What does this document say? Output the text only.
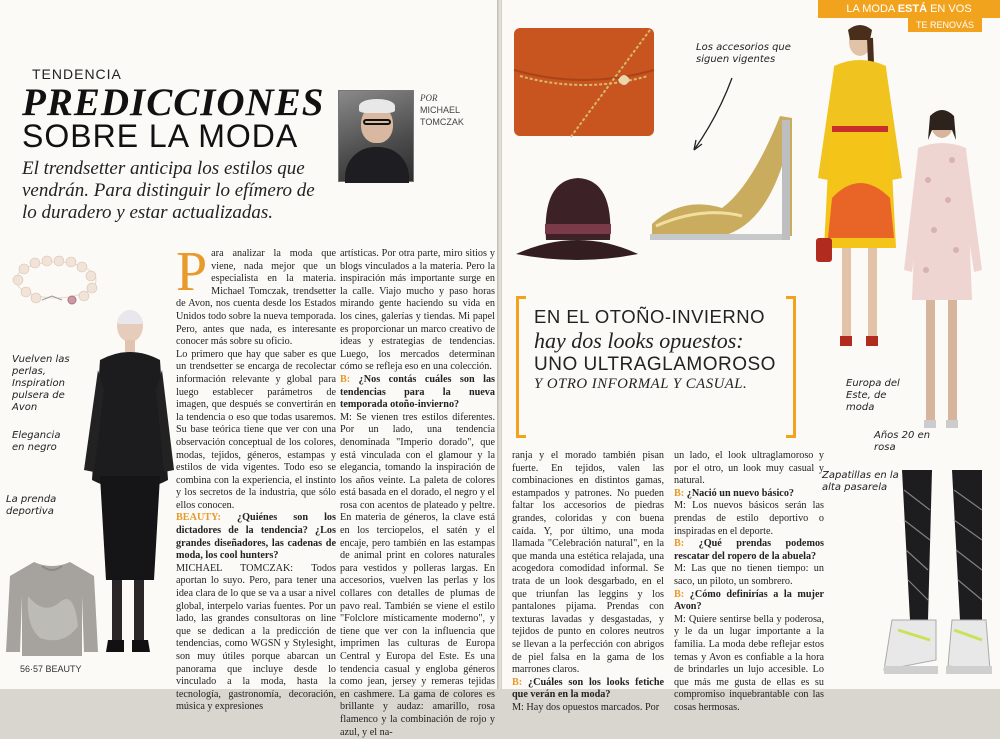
TENDENCIA
PREDICCIONES
SOBRE LA MODA
El trendsetter anticipa los estilos que vendrán. Para distinguir lo efímero de lo duradero y estar actualizadas.
POR
MICHAEL
TOMCZAK
Vuelven las perlas, Inspiration pulsera de Avon
Elegancia en negro
La prenda deportiva
56·57 BEAUTY

Para analizar la moda que viene, nada mejor que un especialista en la materia. Michael Tomczak, trendsetter de Avon, nos cuenta desde los Estados Unidos todo sobre la nueva temporada. Pero, antes que nada, es interesante conocer más sobre su oficio.

Lo primero que hay que saber es que un trendsetter se encarga de recolectar información relevante y global para luego establecer parámetros de imagen, que después se convertirán en la tendencia o eso que todas usaremos. Su base teórica tiene que ver con una observación conceptual de los colores, modas, tejidos, géneros, estampas y estilos de vida vigentes. Todo eso se combina con la experiencia, el instinto y los secretos de la industria, que sólo ellos conocen.

BEAUTY: ¿Quiénes son los dictadores de la tendencia? ¿Los grandes diseñadores, las cadenas de moda, los cool hunters?

MICHAEL TOMCZAK: Todos aportan lo suyo. Pero, para tener una idea clara de lo que se va a usar a nivel global, interpelo varias fuentes. Por un lado, las grandes consultoras on line que se dedican a la predicción de tendencias, como WGSN y Stylesight, son muy útiles porque abarcan un panorama que incluye desde lo vinculado a la moda, hasta la tecnología, gastronomía, decoración, música y expresiones

artísticas. Por otra parte, miro sitios y blogs vinculados a la materia. Pero la inspiración más importante surge en la calle. Viajo mucho y paso horas mirando gente haciendo su vida en los cines, galerías y tiendas. Mi papel es proporcionar un marco creativo de ideas y estrategias de tendencias. Luego, los mercados determinan cómo se refleja eso en una colección.

B: ¿Nos contás cuáles son las tendencias para la nueva temporada otoño-invierno?

M: Se vienen tres estilos diferentes. Por un lado, una tendencia denominada "Imperio dorado", que está vinculada con el glamour y la elegancia, tomando la inspiración de los años veinte. La paleta de colores está basada en el dorado, el negro y el rosa con acentos de plateado y peltre. En materia de géneros, la clave está en los terciopelos, el satén y el encaje, pero también en las estampas de animal print en colores naturales para vestidos y polleras largas. En accesorios, vuelven las perlas y los collares con detalles de plumas de pavo real. También se viene el estilo "Folclore místicamente moderno", y tiene que ver con la influencia que imprimen las culturas de Europa Central y Europa del Este. Es una tendencia casual y engloba géneros como jean, jersey y remeras tejidas en cashmere. La gama de colores es brillante y audaz: amarillo, rosa flamenco y la combinación de rojo y azul, y el na-

LA MODA ESTÁ EN VOS
TE RENOVÁS
Los accesorios que siguen vigentes
Europa del Este, de moda
Años 20 en rosa
Zapatillas en la alta pasarela
EN EL OTOÑO-INVIERNO
hay dos looks opuestos:
UNO ULTRAGLAMOROSO
Y OTRO INFORMAL Y CASUAL.

ranja y el morado también pisan fuerte. En tejidos, valen las combinaciones en distintos gamas, estampados y patrones. No pueden faltar los accesorios de piedras grandes, coloridas y con buena caída. Y, por último, una moda llamada "Celebración natural", en la que manda una estética relajada, una acogedora comodidad informal. Se trata de un look desgarbado, en el que triunfan las leggins y los pantalones pijama. Prendas con texturas lavadas y desgastadas, y tejidos de punto en colores neutros se llevan a la perfección con abrigos de piel falsa en la gama de los marrones claros.

B: ¿Cuáles son los looks fetiche que verán en la moda?

M: Hay dos opuestos marcados. Por

un lado, el look ultraglamoroso y por el otro, un look muy casual y natural.

B: ¿Nació un nuevo básico?

M: Los nuevos básicos serán las prendas de estilo deportivo o inspiradas en el deporte.

B: ¿Qué prendas podemos rescatar del ropero de la abuela?

M: Las que no tienen tiempo: un saco, un piloto, un sombrero.

B: ¿Cómo definirías a la mujer Avon?

M: Quiere sentirse bella y poderosa, y le da un lugar importante a la familia. La moda debe reflejar estos temas y Avon es confiable a la hora de brindarles un lujo accesible. Lo que más me gusta de ellas es su compromiso inquebrantable con las cosas hermosas.
